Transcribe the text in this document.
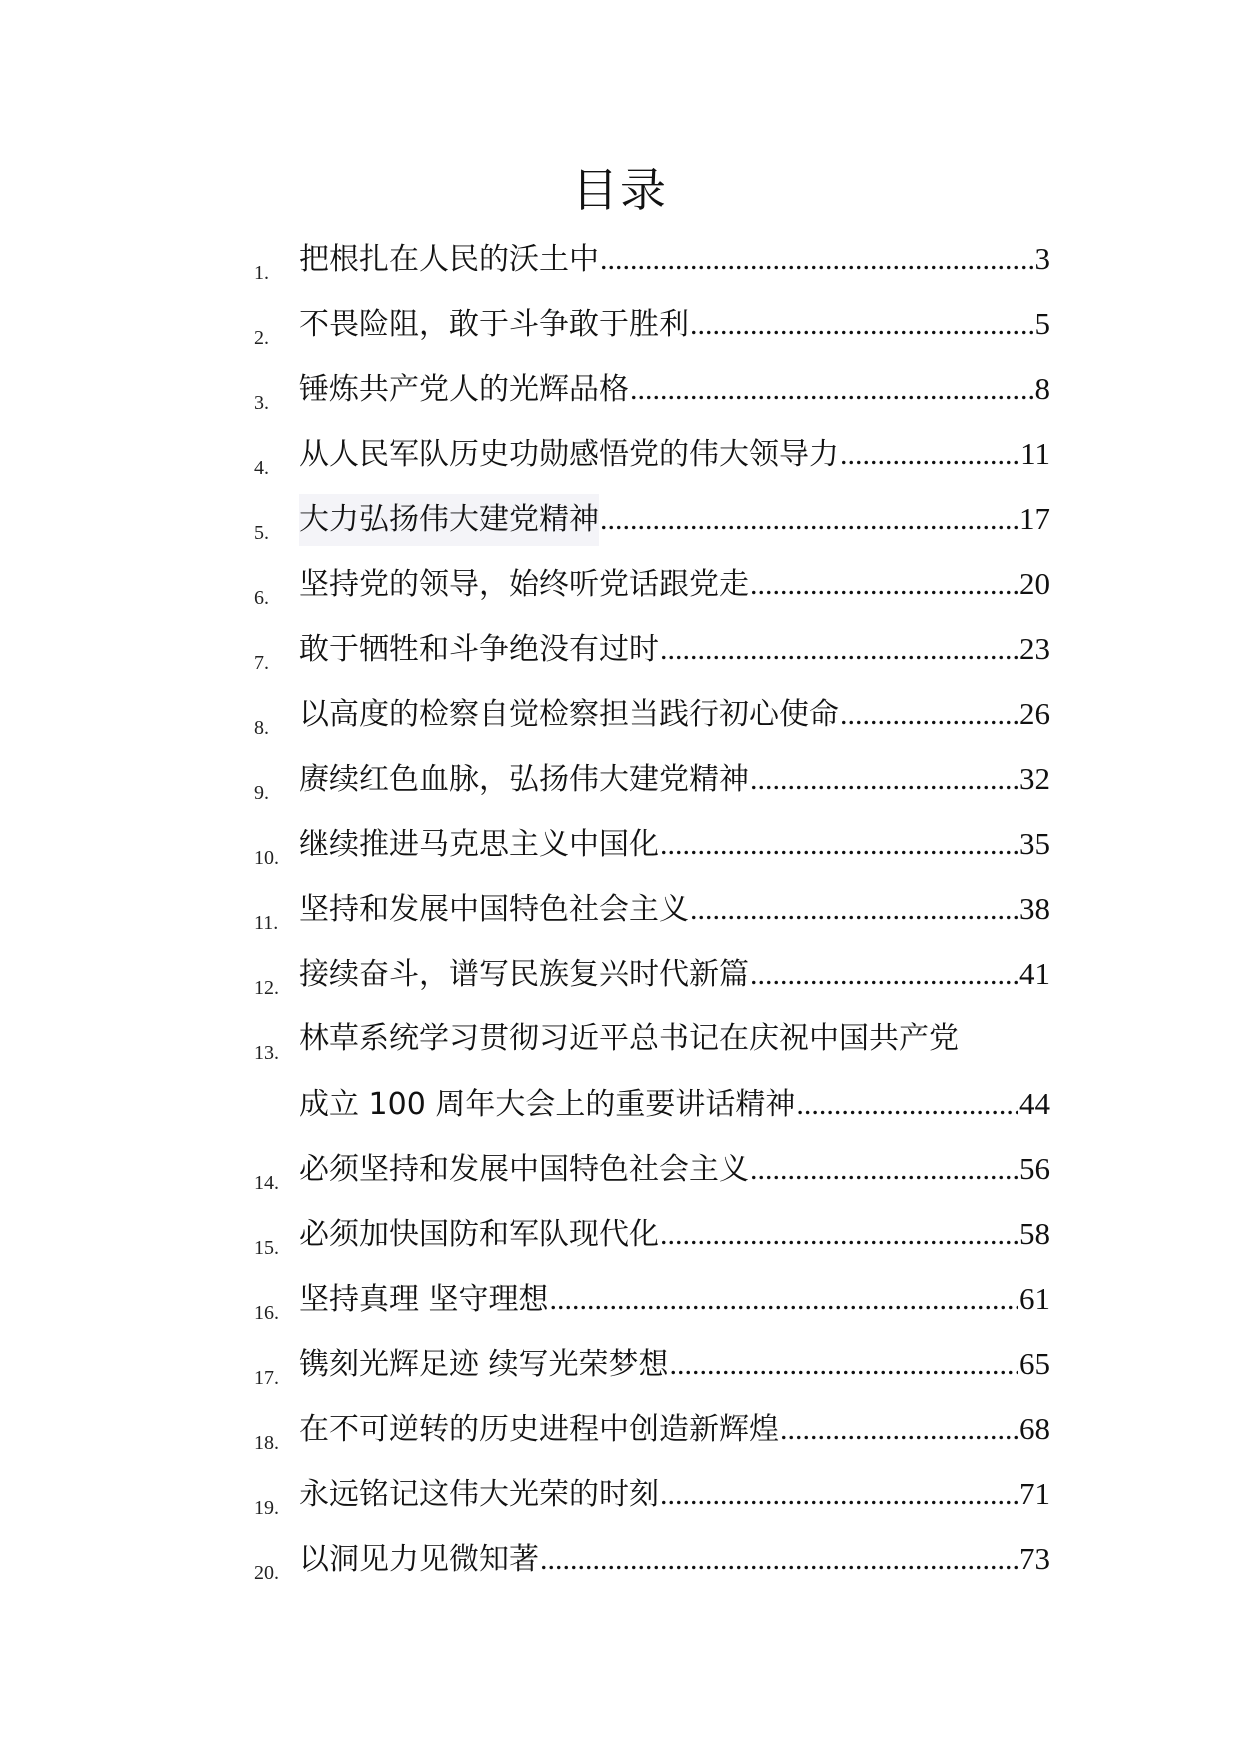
目录
1. 把根扎在人民的沃土中 .....	3
2. 不畏险阻，敢于斗争敢于胜利 .....	5
3. 锤炼共产党人的光辉品格 .....	8
4. 从人民军队历史功勋感悟党的伟大领导力 .....	11
5. 大力弘扬伟大建党精神 .....	17
6. 坚持党的领导，始终听党话跟党走 .....	20
7. 敢于牺牲和斗争绝没有过时 .....	23
8. 以高度的检察自觉检察担当践行初心使命 .....	26
9. 赓续红色血脉，弘扬伟大建党精神 .....	32
10. 继续推进马克思主义中国化 .....	35
11. 坚持和发展中国特色社会主义 .....	38
12. 接续奋斗，谱写民族复兴时代新篇 .....	41
13. 林草系统学习贯彻习近平总书记在庆祝中国共产党
成立 100 周年大会上的重要讲话精神 .....	44
14. 必须坚持和发展中国特色社会主义 .....	56
15. 必须加快国防和军队现代化 .....	58
16. 坚持真理 坚守理想 .....	61
17. 镌刻光辉足迹 续写光荣梦想 .....	65
18. 在不可逆转的历史进程中创造新辉煌 .....	68
19. 永远铭记这伟大光荣的时刻 .....	71
20. 以洞见力见微知著 .....	73
